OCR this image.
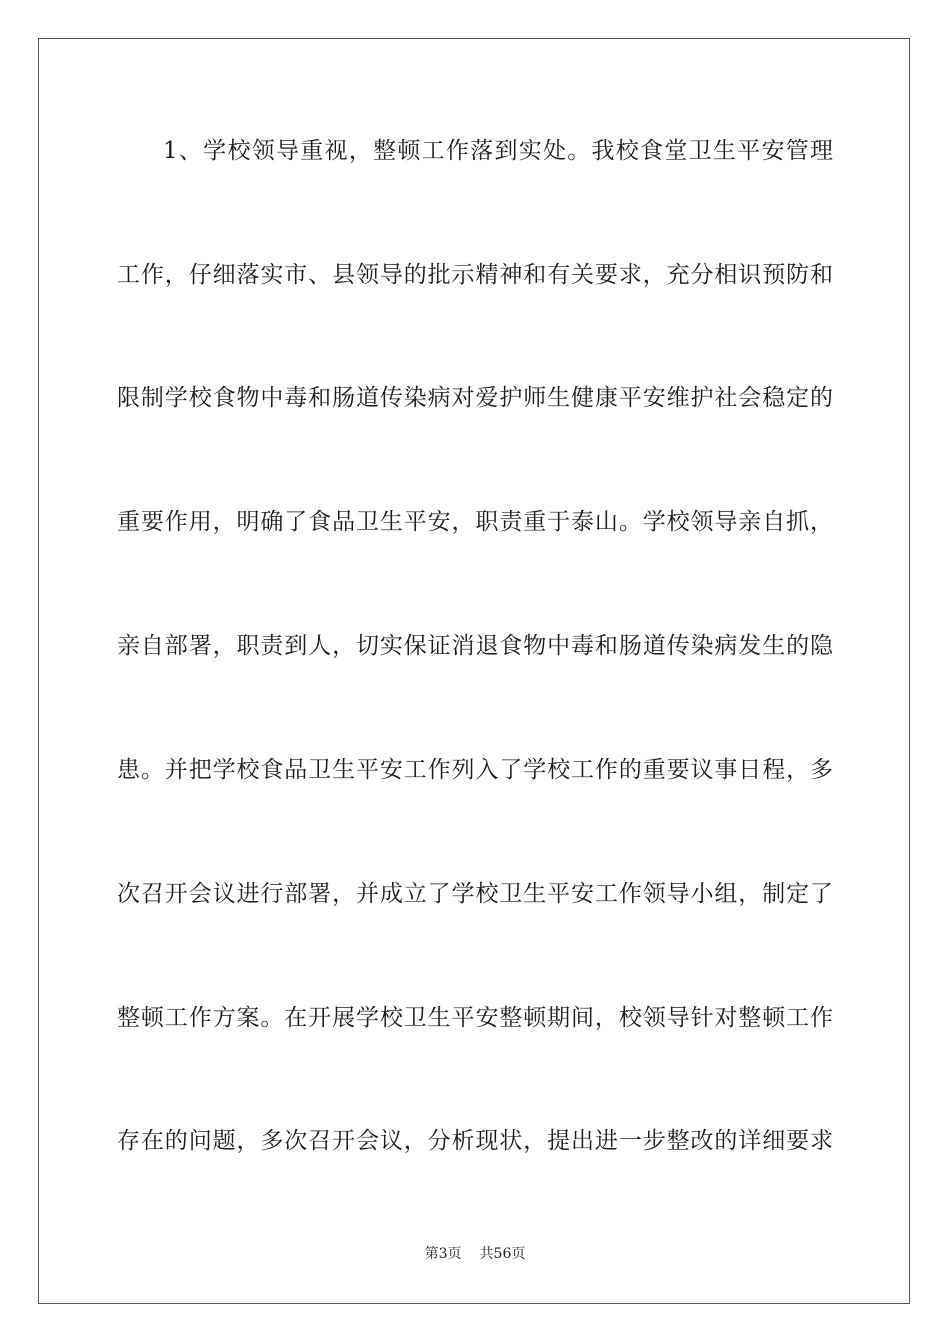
1、学校领导重视，整顿工作落到实处。我校食堂卫生平安管理
工作，仔细落实市、县领导的批示精神和有关要求，充分相识预防和
限制学校食物中毒和肠道传染病对爱护师生健康平安维护社会稳定的
重要作用，明确了食品卫生平安，职责重于泰山。学校领导亲自抓，
亲自部署，职责到人，切实保证消退食物中毒和肠道传染病发生的隐
患。并把学校食品卫生平安工作列入了学校工作的重要议事日程，多
次召开会议进行部署，并成立了学校卫生平安工作领导小组，制定了
整顿工作方案。在开展学校卫生平安整顿期间，校领导针对整顿工作
存在的问题，多次召开会议，分析现状，提出进一步整改的详细要求
第3页 共56页
